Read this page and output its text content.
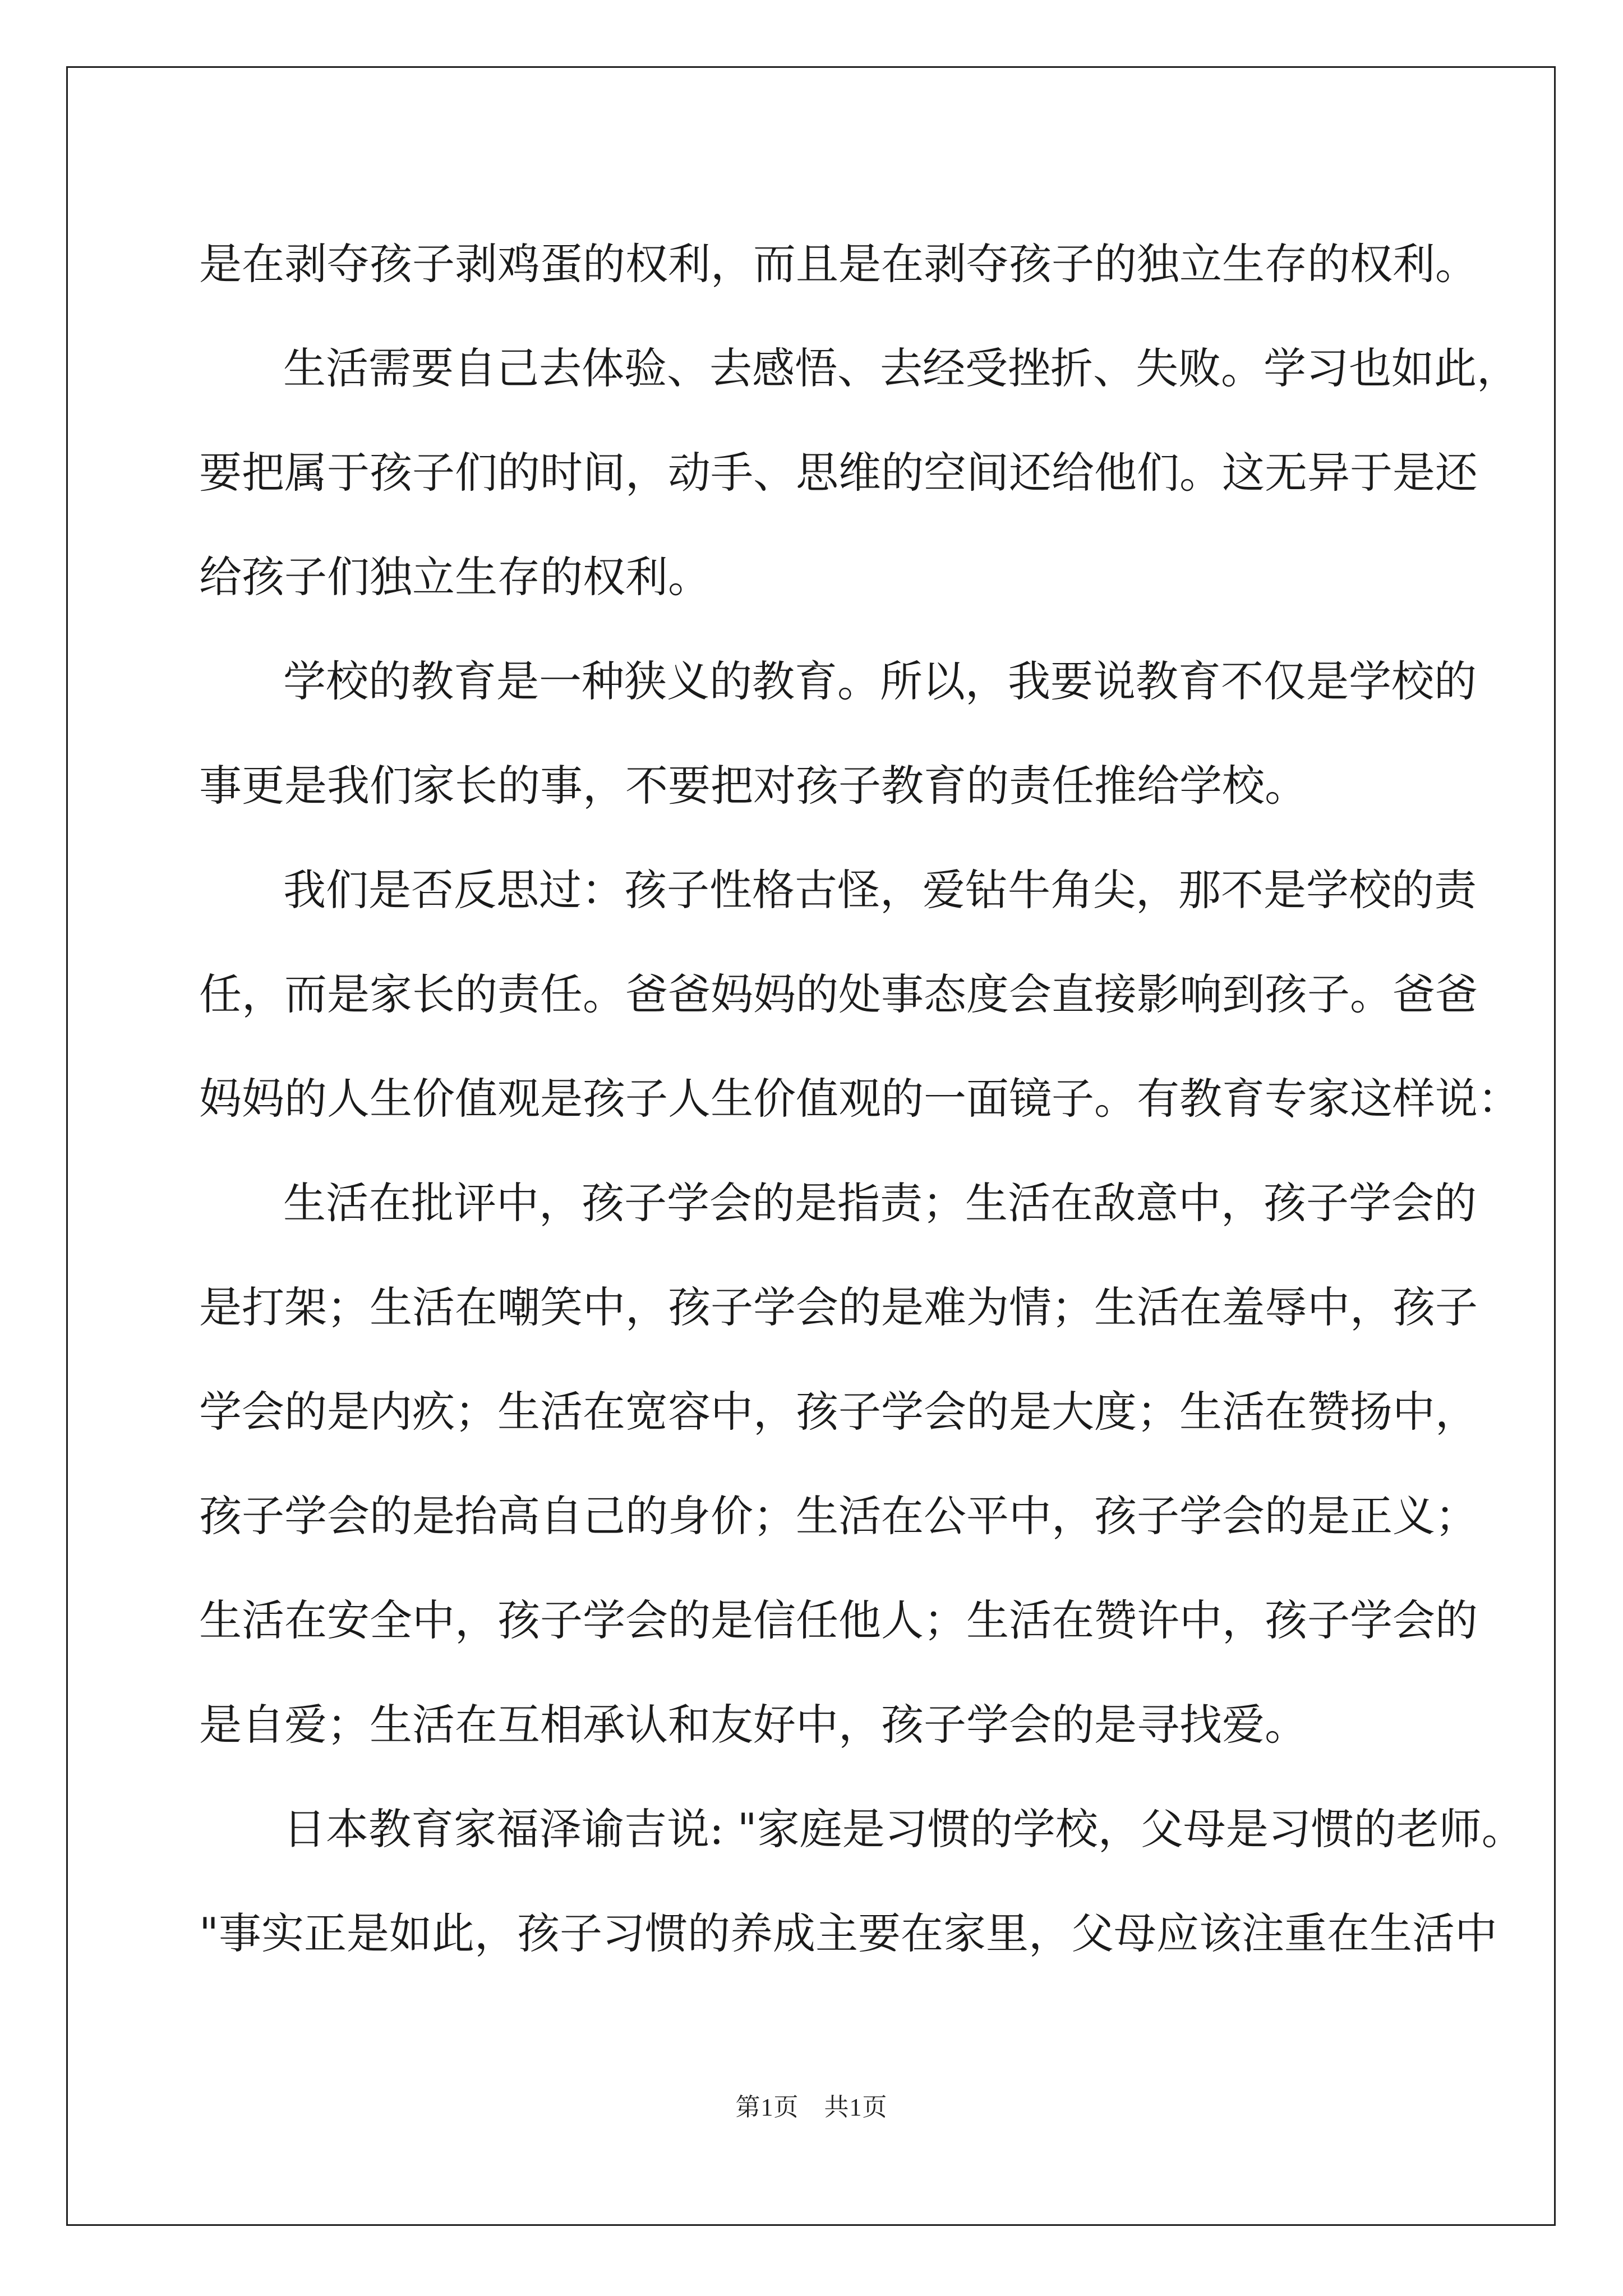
是在剥夺孩子剥鸡蛋的权利，而且是在剥夺孩子的独立生存的权利。
生活需要自己去体验、去感悟、去经受挫折、失败。学习也如此，
要把属于孩子们的时间，动手、思维的空间还给他们。这无异于是还
给孩子们独立生存的权利。
学校的教育是一种狭义的教育。所以，我要说教育不仅是学校的
事更是我们家长的事，不要把对孩子教育的责任推给学校。
我们是否反思过：孩子性格古怪，爱钻牛角尖，那不是学校的责
任，而是家长的责任。爸爸妈妈的处事态度会直接影响到孩子。爸爸
妈妈的人生价值观是孩子人生价值观的一面镜子。有教育专家这样说：
生活在批评中，孩子学会的是指责；生活在敌意中，孩子学会的
是打架；生活在嘲笑中，孩子学会的是难为情；生活在羞辱中，孩子
学会的是内疚；生活在宽容中，孩子学会的是大度；生活在赞扬中，
孩子学会的是抬高自己的身价；生活在公平中，孩子学会的是正义；
生活在安全中，孩子学会的是信任他人；生活在赞许中，孩子学会的
是自爱；生活在互相承认和友好中，孩子学会的是寻找爱。
日本教育家福泽谕吉说: "家庭是习惯的学校，父母是习惯的老师。
"事实正是如此，孩子习惯的养成主要在家里，父母应该注重在生活中
第1页　共1页
